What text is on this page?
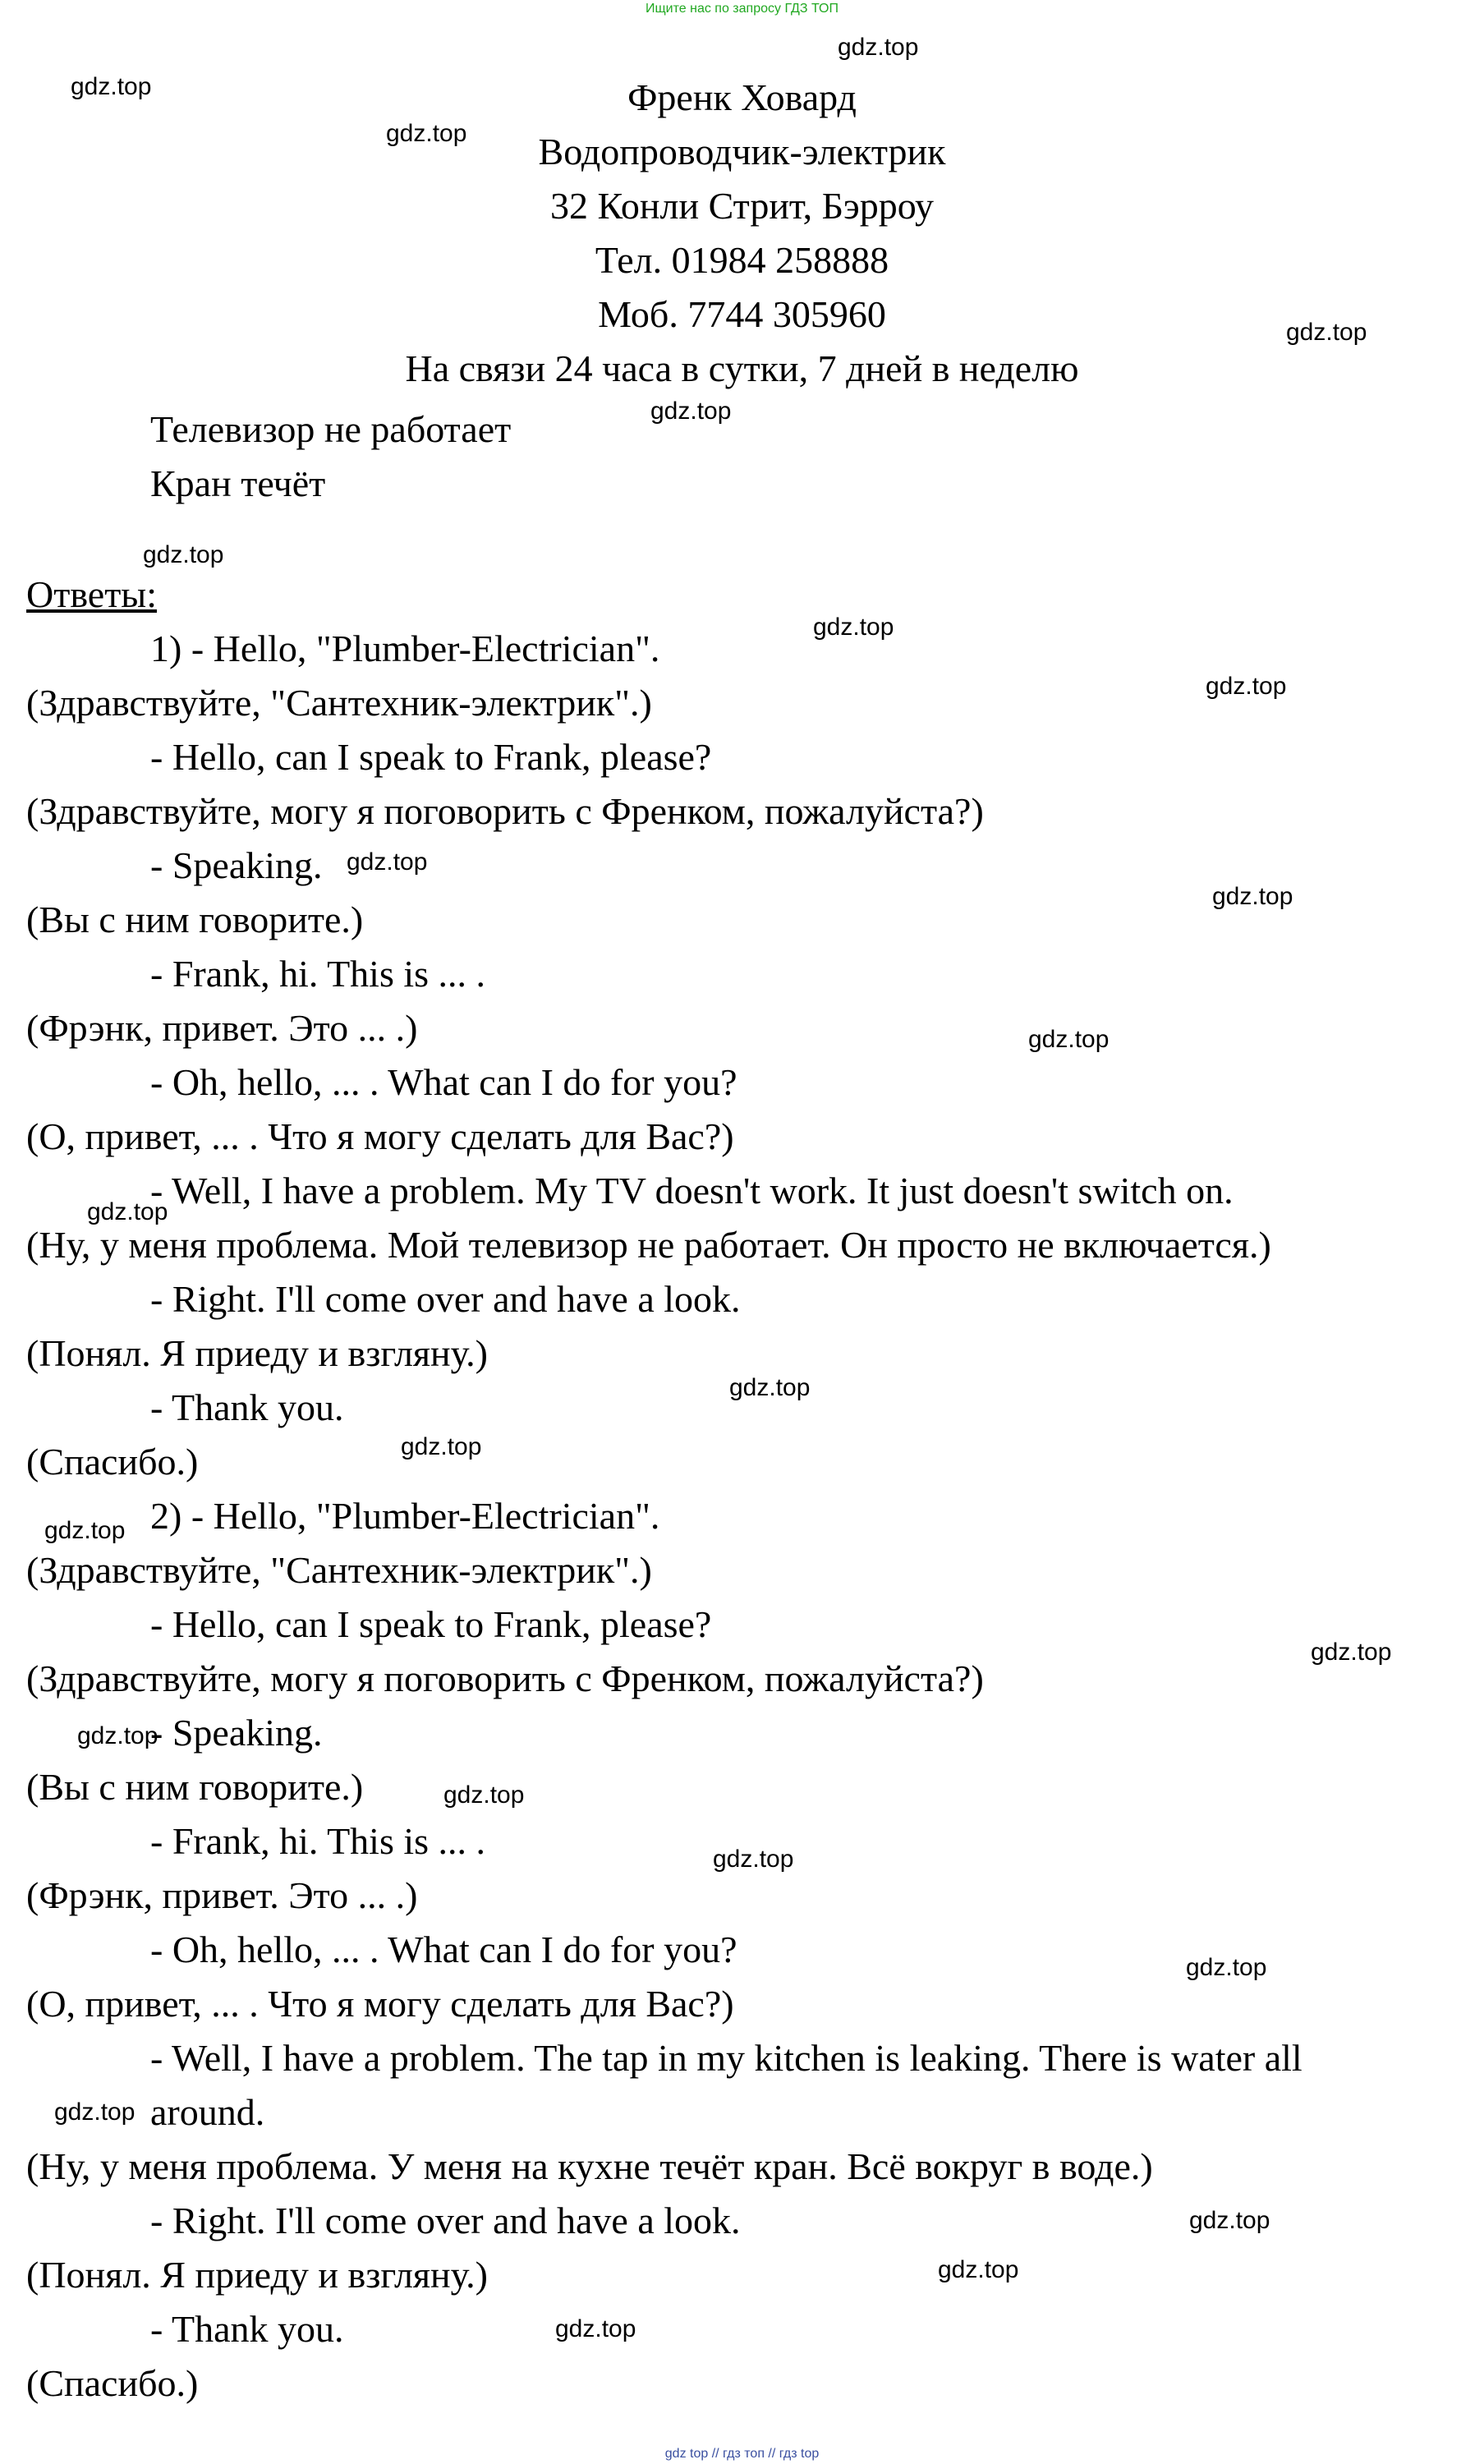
Ищите нас по запросу ГДЗ ТОП
Френк Ховард
Водопроводчик-электрик
32 Конли Стрит, Бэрроу
Тел. 01984 258888
Моб. 7744 305960
На связи 24 часа в сутки, 7 дней в неделю
Телевизор не работает
Кран течёт
Ответы:
1) - Hello, "Plumber-Electrician".
(Здравствуйте, "Сантехник-электрик".)
- Hello, can I speak to Frank, please?
(Здравствуйте, могу я поговорить с Френком, пожалуйста?)
- Speaking.
(Вы с ним говорите.)
- Frank, hi. This is ... .
(Фрэнк, привет. Это ... .)
- Oh, hello, ... . What can I do for you?
(О, привет, ... . Что я могу сделать для Вас?)
- Well, I have a problem. My TV doesn't work. It just doesn't switch on.
(Ну, у меня проблема. Мой телевизор не работает. Он просто не включается.)
- Right. I'll come over and have a look.
(Понял. Я приеду и взгляну.)
- Thank you.
(Спасибо.)
2) - Hello, "Plumber-Electrician".
(Здравствуйте, "Сантехник-электрик".)
- Hello, can I speak to Frank, please?
(Здравствуйте, могу я поговорить с Френком, пожалуйста?)
- Speaking.
(Вы с ним говорите.)
- Frank, hi. This is ... .
(Фрэнк, привет. Это ... .)
- Oh, hello, ... . What can I do for you?
(О, привет, ... . Что я могу сделать для Вас?)
- Well, I have a problem. The tap in my kitchen is leaking. There is water all
around.
(Ну, у меня проблема. У меня на кухне течёт кран. Всё вокруг в воде.)
- Right. I'll come over and have a look.
(Понял. Я приеду и взгляну.)
- Thank you.
(Спасибо.)
gdz.top
gdz.top
gdz.top
gdz.top
gdz.top
gdz.top
gdz.top
gdz.top
gdz.top
gdz.top
gdz.top
gdz.top
gdz.top
gdz.top
gdz.top
gdz.top
gdz.top
gdz.top
gdz.top
gdz.top
gdz.top
gdz.top
gdz.top
gdz.top
gdz top // гдз топ // гдз top
